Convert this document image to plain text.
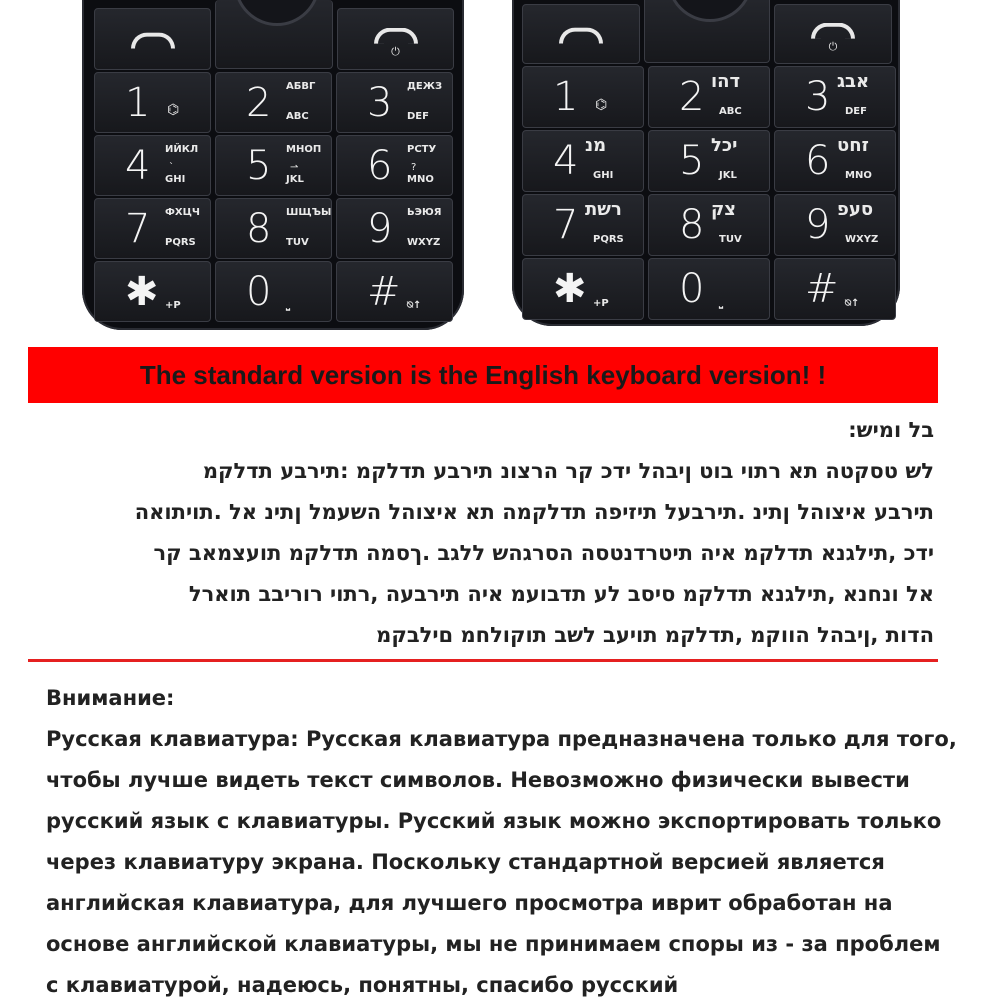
⏻
1 ⌬ 2 ABC
АБВГ 3 DEF
ДЕЖЗ
4 GHI
ИЙКЛ
` 5 JKL
МНОП
⇀ 6 MNO
РСТУ
?
7 PQRS
ФХЦЧ 8 TUV
ШЩЪЫ 9 WXYZ
ЬЭЮЯ
✱ +P 0 ⎵ # ⍉↑
⏻
1 ⌬ 2 ABC
דהו 3 DEF
אבג
4 GHI
מנ 5 JKL
יכל 6 MNO
זחט
7 PQRS
רשת 8 TUV
צק 9 WXYZ
סעפ
✱ +P 0 ⎵ # ⍉↑
The standard version is the English keyboard version! !

בל ומיש:

לש טסקטה תא רתוי בוט ןיבהל ידכ קר הרצונ תירבע תדלקמ :תירבע תדלקמ

תירבע איצוהל ןתינ .תירבעל תיזיפה תדלקמה תא איצוהל השעמל ןתינ אל .תויתואה

ידכ ,תילגנא תדלקמ איה תיטרדנטסה הסרגהש ללגב .ךסמה תדלקמ תועצמאב קר

אל ונחנא ,תילגנא תדלקמ סיסב לע תדבועמ איה תירבעה ,רתוי רוריבב תוארל

הדות ,ןיבהל הווקמ ,תדלקמ תויעב לשב תוקולחמ םילבקמ

Внимание:

Русская клавиатура: Русская клавиатура предназначена только для того,

чтобы лучше видеть текст символов. Невозможно физически вывести

русский язык с клавиатуры. Русский язык можно экспортировать только

через клавиатуру экрана. Поскольку стандартной версией является

английская клавиатура, для лучшего просмотра иврит обработан на

основе английской клавиатуры, мы не принимаем споры из - за проблем

с клавиатурой, надеюсь, понятны, спасибо русский
